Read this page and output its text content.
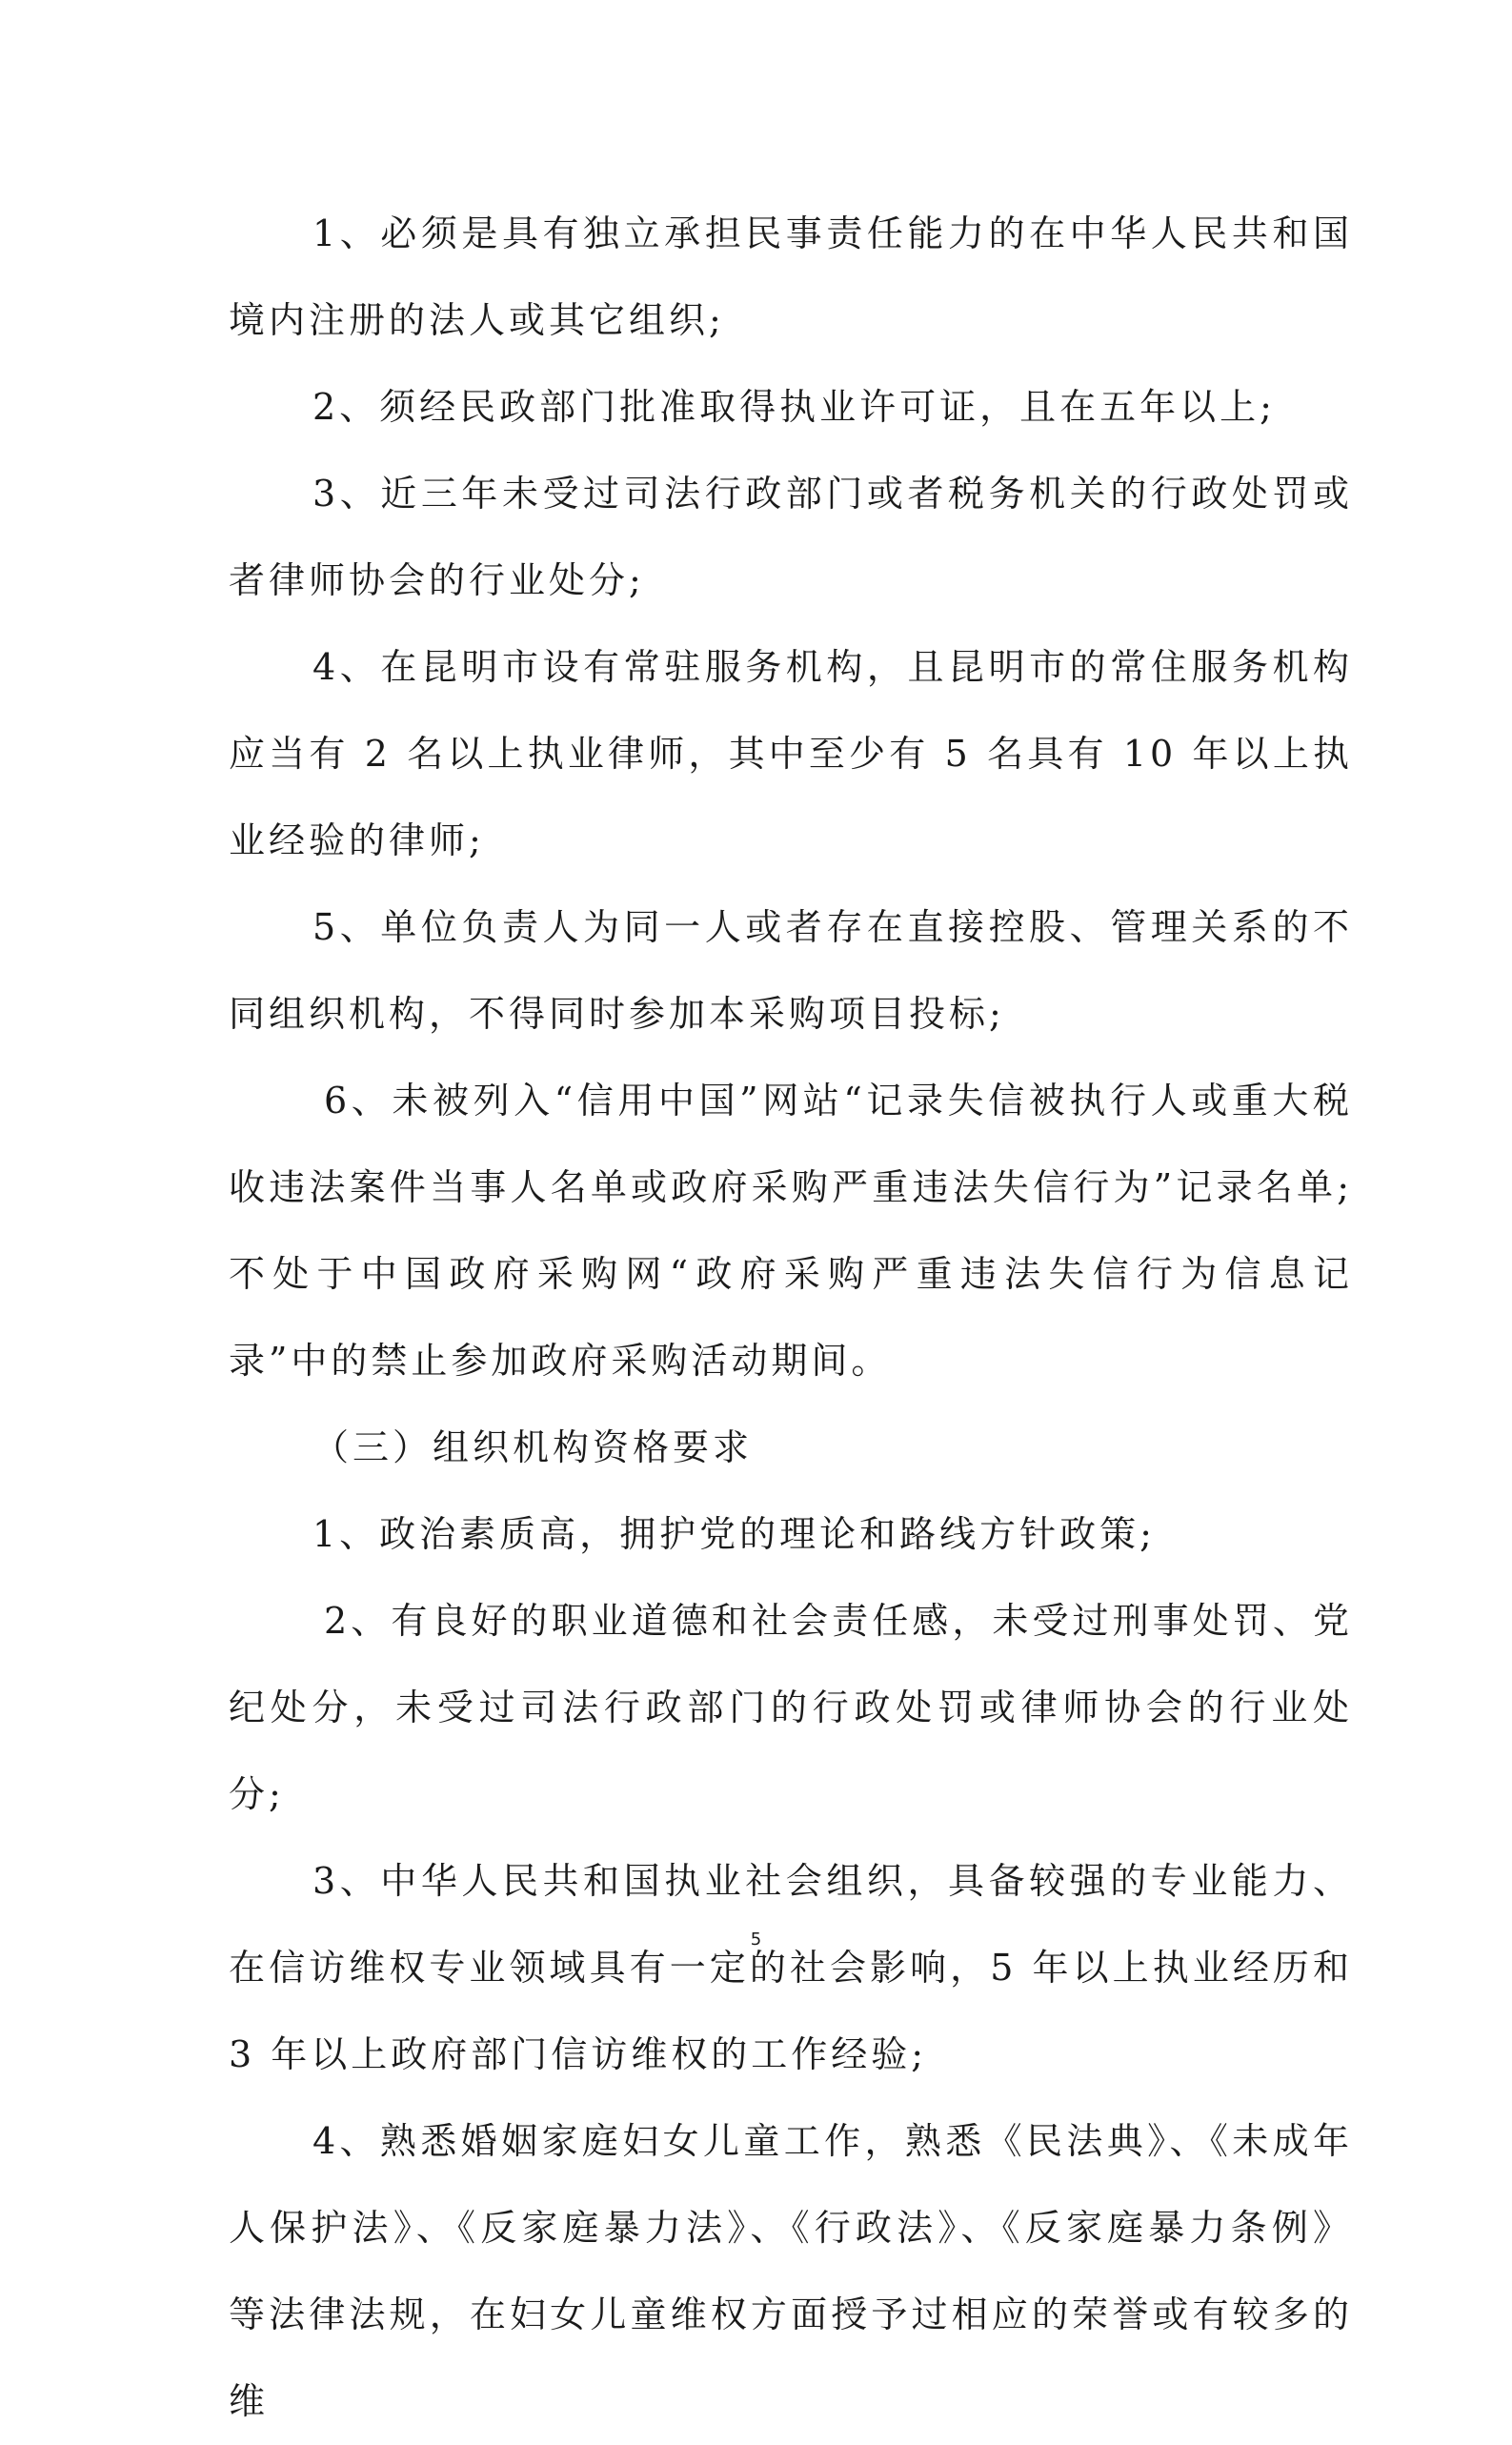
1、必须是具有独立承担民事责任能力的在中华人民共和国境内注册的法人或其它组织;

2、须经民政部门批准取得执业许可证，且在五年以上;

3、近三年未受过司法行政部门或者税务机关的行政处罚或者律师协会的行业处分;

4、在昆明市设有常驻服务机构，且昆明市的常住服务机构应当有 2 名以上执业律师，其中至少有 5 名具有 10 年以上执业经验的律师;

5、单位负责人为同一人或者存在直接控股、管理关系的不同组织机构，不得同时参加本采购项目投标;

6、未被列入“信用中国”网站“记录失信被执行人或重大税收违法案件当事人名单或政府采购严重违法失信行为”记录名单;不处于中国政府采购网“政府采购严重违法失信行为信息记录”中的禁止参加政府采购活动期间。

（三）组织机构资格要求

1、政治素质高，拥护党的理论和路线方针政策;

2、有良好的职业道德和社会责任感，未受过刑事处罚、党纪处分，未受过司法行政部门的行政处罚或律师协会的行业处分;

3、中华人民共和国执业社会组织，具备较强的专业能力、在信访维权专业领域具有一定的社会影响，5 年以上执业经历和 3 年以上政府部门信访维权的工作经验;

4、熟悉婚姻家庭妇女儿童工作，熟悉《民法典》、《未成年人保护法》、《反家庭暴力法》、《行政法》、《反家庭暴力条例》等法律法规，在妇女儿童维权方面授予过相应的荣誉或有较多的维

5
